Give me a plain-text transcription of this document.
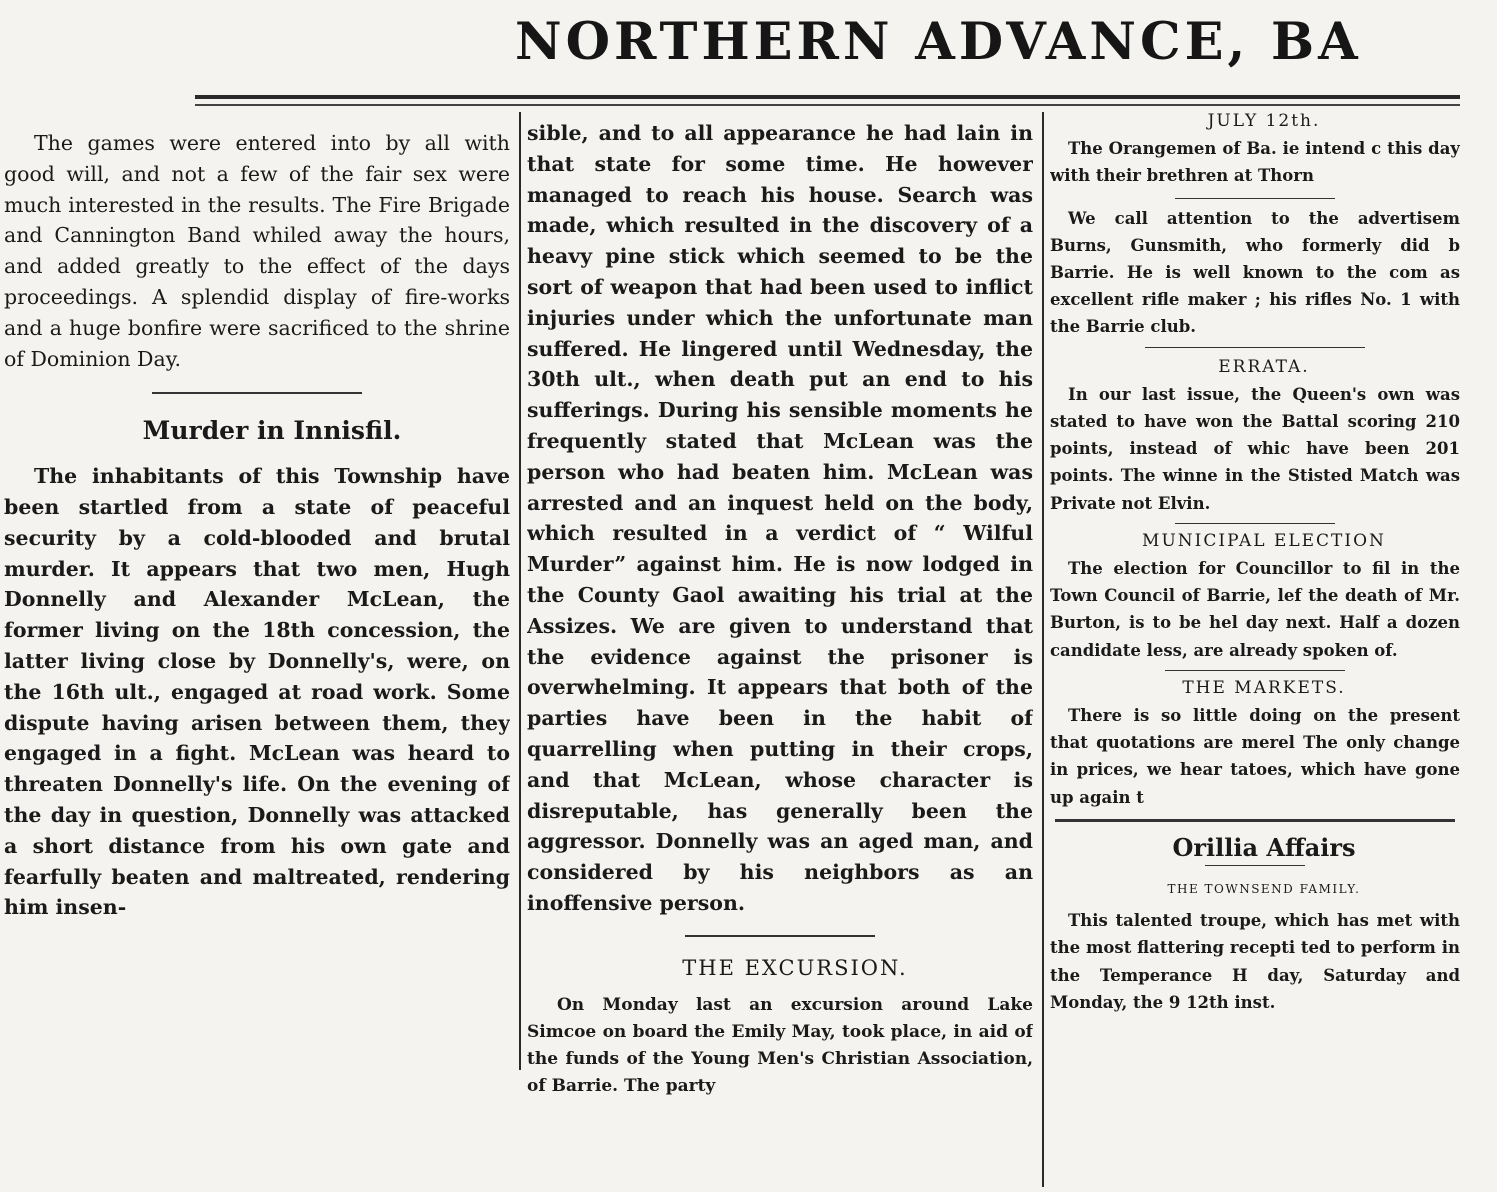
NORTHERN ADVANCE, BA

The games were entered into by all with good will, and not a few of the fair sex were much interested in the results. The Fire Brigade and Cannington Band whiled away the hours, and added greatly to the effect of the days proceedings. A splendid display of fire-works and a huge bonfire were sacrificed to the shrine of Dominion Day.

Murder in Innisfil.

The inhabitants of this Township have been startled from a state of peaceful security by a cold-blooded and brutal murder. It appears that two men, Hugh Donnelly and Alexander McLean, the former living on the 18th concession, the latter living close by Donnelly's, were, on the 16th ult., engaged at road work. Some dispute having arisen between them, they engaged in a fight. McLean was heard to threaten Donnelly's life. On the evening of the day in question, Donnelly was attacked a short distance from his own gate and fearfully beaten and maltreated, rendering him insen-

sible, and to all appearance he had lain in that state for some time. He however managed to reach his house. Search was made, which resulted in the discovery of a heavy pine stick which seemed to be the sort of weapon that had been used to inflict injuries under which the unfortunate man suffered. He lingered until Wednesday, the 30th ult., when death put an end to his sufferings. During his sensible moments he frequently stated that McLean was the person who had beaten him. McLean was arrested and an inquest held on the body, which resulted in a verdict of “ Wilful Murder” against him. He is now lodged in the County Gaol awaiting his trial at the Assizes. We are given to understand that the evidence against the prisoner is overwhelming. It appears that both of the parties have been in the habit of quarrelling when putting in their crops, and that McLean, whose character is disreputable, has generally been the aggressor. Donnelly was an aged man, and considered by his neighbors as an inoffensive person.

THE EXCURSION.

On Monday last an excursion around Lake Simcoe on board the Emily May, took place, in aid of the funds of the Young Men's Christian Association, of Barrie. The party

JULY 12th.

The Orangemen of Ba. ie intend c this day with their brethren at Thorn

We call attention to the advertisem Burns, Gunsmith, who formerly did b Barrie. He is well known to the com as excellent rifle maker ; his rifles No. 1 with the Barrie club.

ERRATA.

In our last issue, the Queen's own was stated to have won the Battal scoring 210 points, instead of whic have been 201 points. The winne in the Stisted Match was Private not Elvin.

MUNICIPAL ELECTION

The election for Councillor to fil in the Town Council of Barrie, lef the death of Mr. Burton, is to be hel day next. Half a dozen candidate less, are already spoken of.

THE MARKETS.

There is so little doing on the present that quotations are merel The only change in prices, we hear tatoes, which have gone up again t

Orillia Affairs

THE TOWNSEND FAMILY.

This talented troupe, which has met with the most flattering recepti ted to perform in the Temperance H day, Saturday and Monday, the 9 12th inst.
